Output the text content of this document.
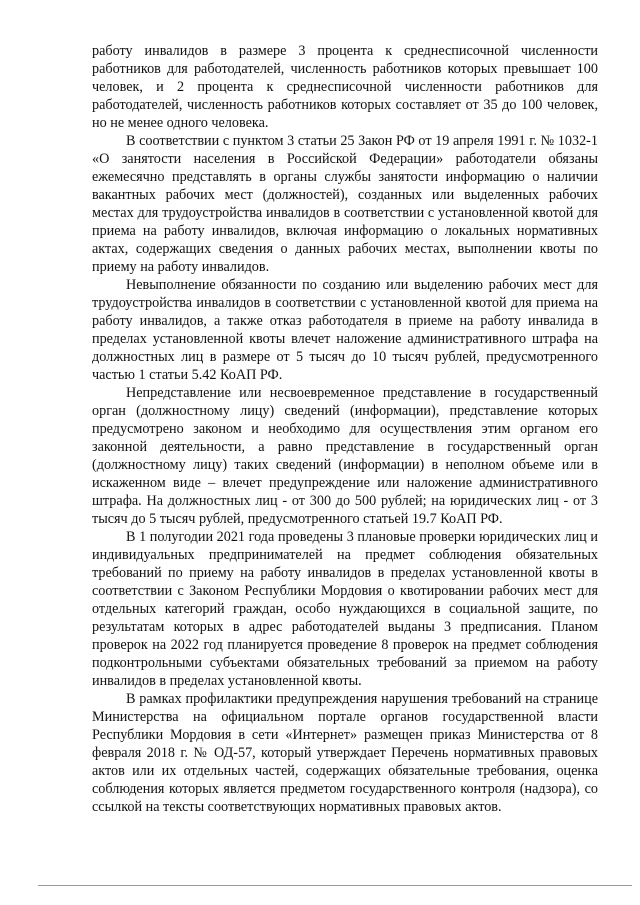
работу инвалидов в размере 3 процента к среднесписочной численности работников для работодателей, численность работников которых превышает 100 человек, и 2 процента к среднесписочной численности работников для работодателей, численность работников которых составляет от 35 до 100 человек, но не менее одного человека.

В соответствии с пунктом 3 статьи 25 Закон РФ от 19 апреля 1991 г. № 1032-1 «О занятости населения в Российской Федерации» работодатели обязаны ежемесячно представлять в органы службы занятости информацию о наличии вакантных рабочих мест (должностей), созданных или выделенных рабочих местах для трудоустройства инвалидов в соответствии с установленной квотой для приема на работу инвалидов, включая информацию о локальных нормативных актах, содержащих сведения о данных рабочих местах, выполнении квоты по приему на работу инвалидов.

Невыполнение обязанности по созданию или выделению рабочих мест для трудоустройства инвалидов в соответствии с установленной квотой для приема на работу инвалидов, а также отказ работодателя в приеме на работу инвалида в пределах установленной квоты влечет наложение административного штрафа на должностных лиц в размере от 5 тысяч до 10 тысяч рублей, предусмотренного частью 1 статьи 5.42 КоАП РФ.

Непредставление или несвоевременное представление в государственный орган (должностному лицу) сведений (информации), представление которых предусмотрено законом и необходимо для осуществления этим органом его законной деятельности, а равно представление в государственный орган (должностному лицу) таких сведений (информации) в неполном объеме или в искаженном виде – влечет предупреждение или наложение административного штрафа. На должностных лиц - от 300 до 500 рублей; на юридических лиц - от 3 тысяч до 5 тысяч рублей, предусмотренного статьей 19.7 КоАП РФ.

В 1 полугодии 2021 года проведены 3 плановые проверки юридических лиц и индивидуальных предпринимателей на предмет соблюдения обязательных требований по приему на работу инвалидов в пределах установленной квоты в соответствии с Законом Республики Мордовия о квотировании рабочих мест для отдельных категорий граждан, особо нуждающихся в социальной защите, по результатам которых в адрес работодателей выданы 3 предписания. Планом проверок на 2022 год планируется проведение 8 проверок на предмет соблюдения подконтрольными субъектами обязательных требований за приемом на работу инвалидов в пределах установленной квоты.

В рамках профилактики предупреждения нарушения требований на странице Министерства на официальном портале органов государственной власти Республики Мордовия в сети «Интернет» размещен приказ Министерства от 8 февраля 2018 г. № ОД-57, который утверждает Перечень нормативных правовых актов или их отдельных частей, содержащих обязательные требования, оценка соблюдения которых является предметом государственного контроля (надзора), со ссылкой на тексты соответствующих нормативных правовых актов.
